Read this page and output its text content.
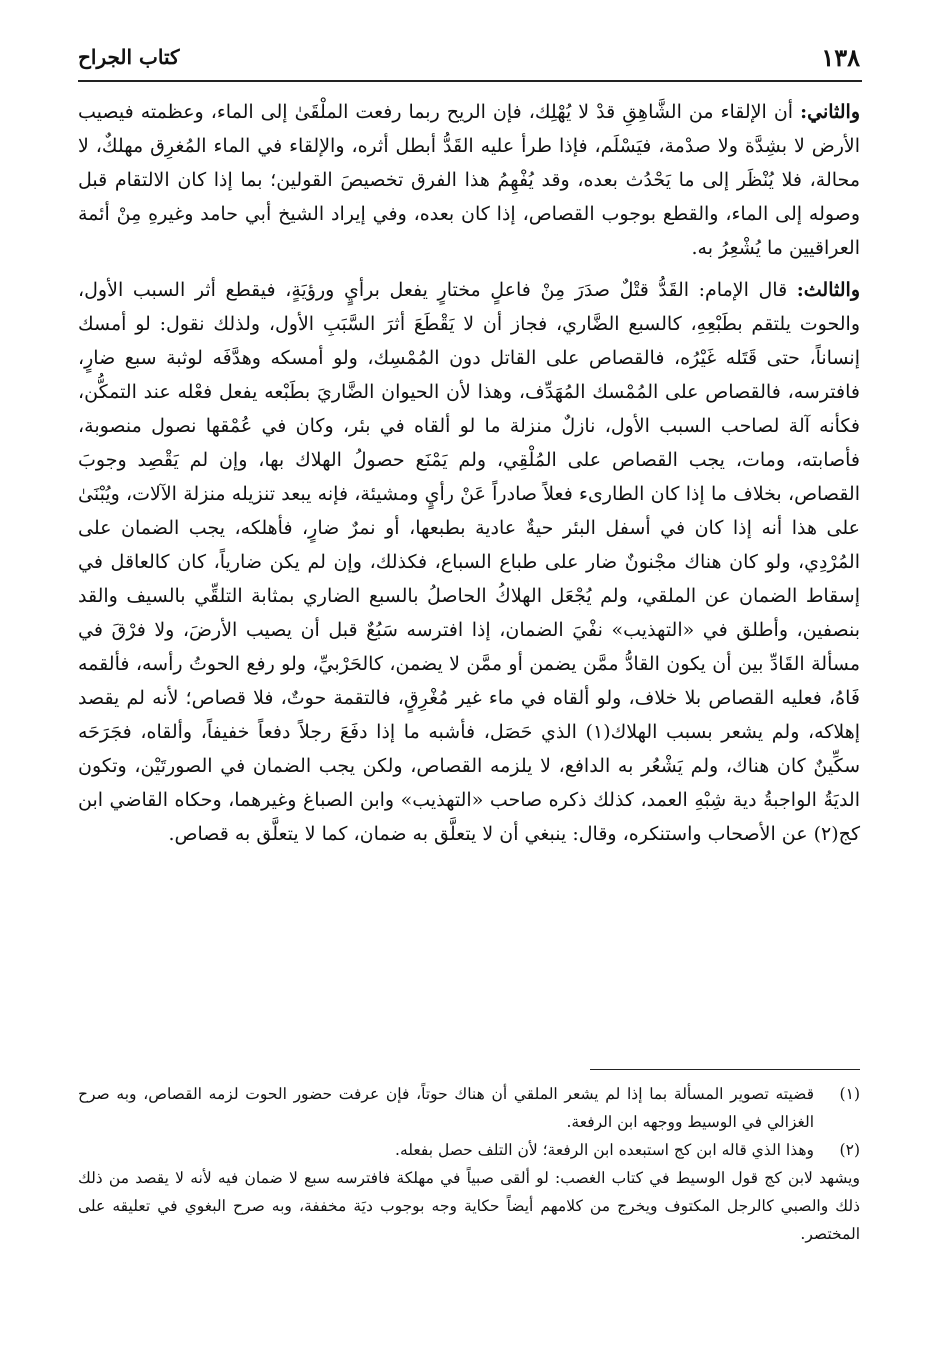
١٣٨
كتاب الجراح

والثاني: أن الإلقاء من الشَّاهِقِ قدْ لا يُهْلِك، فإن الريح ربما رفعت الملْقَىٰ إلى الماء، وعظمته فيصيب الأرض لا بشِدَّة ولا صدْمة، فيَسْلَم، فإذا طرأ عليه القَدُّ أبطل أثره، والإلقاء في الماء المُغرِق مهلكٌ، لا محالة، فلا يُنْظَر إلى ما يَحْدُث بعده، وقد يُفْهِمُ هذا الفرق تخصيصَ القولين؛ بما إذا كان الالتقام قبل وصوله إلى الماء، والقطع بوجوب القصاص، إذا كان بعده، وفي إيراد الشيخ أبي حامد وغيرهِ مِنْ أئمة العراقيين ما يُشْعِرُ به.

والثالث: قال الإمام: القَدُّ قتْلٌ صدَرَ مِنْ فاعلٍ مختارٍ يفعل برأيٍ ورؤيَةٍ، فيقطع أثر السبب الأول، والحوت يلتقم بطَبْعِهِ، كالسبع الضَّاري، فجاز أن لا يَقْطَعَ أثرَ السَّبَبِ الأول، ولذلك نقول: لو أمسك إنساناً، حتى قَتَله غَيْرُه، فالقصاص على القاتل دون المُمْسِك، ولو أمسكه وهدَّفَه لوثبة سبع ضارٍ، فافترسه، فالقصاص على المُمْسك المُهَدِّف، وهذا لأن الحيوان الضَّاريَ بطَبْعه يفعل فعْله عند التمكُّن، فكأنه آلة لصاحب السبب الأول، نازلٌ منزلة ما لو ألقاه في بئر، وكان في عُمْقها نصول منصوبة، فأصابته، ومات، يجب القصاص على المُلْقِي، ولم يَمْنَع حصولُ الهلاك بها، وإن لم يَقْصِد وجوبَ القصاص، بخلاف ما إذا كان الطارىء فعلاً صادراً عَنْ رأيٍ ومشيئة، فإنه يبعد تنزيله منزلة الآلات، ويُبْنَىٰ على هذا أنه إذا كان في أسفل البئر حيةٌ عادية بطبعها، أو نمرٌ ضارٍ، فأهلكه، يجب الضمان على المُرْدِي، ولو كان هناك مجْنونٌ ضار على طباع السباع، فكذلك، وإن لم يكن ضارياً، كان كالعاقل في إسقاط الضمان عن الملقي، ولم يُجْعَل الهلاكُ الحاصلُ بالسبع الضاري بمثابة التلقِّي بالسيف والقد بنصفين، وأطلق في «التهذيب» نفْيَ الضمان، إذا افترسه سَبُعٌ قبل أن يصيب الأرضَ، ولا فرْقَ في مسألة القَادِّ بين أن يكون القادُّ ممَّن يضمن أو ممَّن لا يضمن، كالحَرْبيِّ، ولو رفع الحوتُ رأسه، فألقمه فَاهُ، فعليه القصاص بلا خلاف، ولو ألقاه في ماء غير مُغْرِقٍ، فالتقمة حوتٌ، فلا قصاص؛ لأنه لم يقصد إهلاكه، ولم يشعر بسبب الهلاك(١) الذي حَصَل، فأشبه ما إذا دفَعَ رجلاً دفعاً خفيفاً، وألقاه، فجَرَحَه سكِّينٌ كان هناك، ولم يَشْعُر به الدافع، لا يلزمه القصاص، ولكن يجب الضمان في الصورتَيْن، وتكون الديَةُ الواجبةُ دية شِبْهِ العمد، كذلك ذكره صاحب «التهذيب» وابن الصباغ وغيرهما، وحكاه القاضي ابن كج(٢) عن الأصحاب واستنكره، وقال: ينبغي أن لا يتعلَّق به ضمان، كما لا يتعلَّق به قصاص.

(١)
قضيته تصوير المسألة بما إذا لم يشعر الملقي أن هناك حوتاً، فإن عرفت حضور الحوت لزمه القصاص، وبه صرح الغزالي في الوسيط ووجهه ابن الرفعة.

(٢)
وهذا الذي قاله ابن كج استبعده ابن الرفعة؛ لأن التلف حصل بفعله.

ويشهد لابن كج قول الوسيط في كتاب الغصب: لو ألقى صبياً في مهلكة فافترسه سبع لا ضمان فيه لأنه لا يقصد من ذلك ذلك والصبي كالرجل المكتوف ويخرج من كلامهم أيضاً حكاية وجه بوجوب ديَة مخففة، وبه صرح البغوي في تعليقه على المختصر.
